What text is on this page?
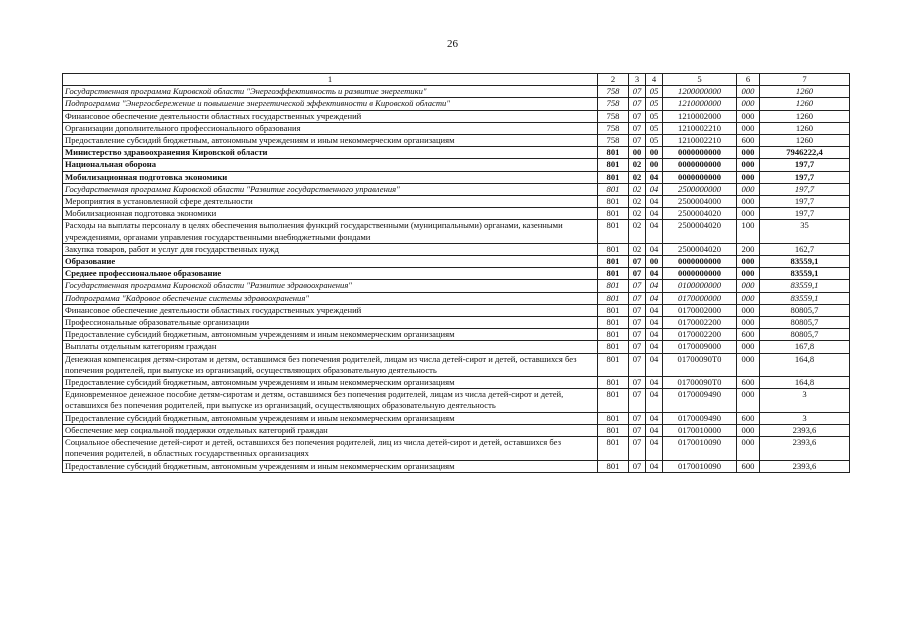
26
1	2	3	4	5	6	7
Государственная программа Кировской области "Энергоэффективность и развитие энергетики"	758	07	05	1200000000	000	1260
Подпрограмма "Энергосбережение и повышение энергетической эффективности в Кировской области"	758	07	05	1210000000	000	1260
Финансовое обеспечение деятельности областных государственных учреждений	758	07	05	1210002000	000	1260
Организации дополнительного профессионального образования	758	07	05	1210002210	000	1260
Предоставление субсидий бюджетным, автономным учреждениям и иным некоммерческим организациям	758	07	05	1210002210	600	1260
Министерство здравоохранения Кировской области	801	00	00	0000000000	000	7946222,4
Национальная оборона	801	02	00	0000000000	000	197,7
Мобилизационная подготовка экономики	801	02	04	0000000000	000	197,7
Государственная программа Кировской области "Развитие государственного управления"	801	02	04	2500000000	000	197,7
Мероприятия в установленной сфере деятельности	801	02	04	2500004000	000	197,7
Мобилизационная подготовка экономики	801	02	04	2500004020	000	197,7
Расходы на выплаты персоналу в целях обеспечения выполнения функций государственными (муниципальными) органами, казенными учреждениями, органами управления государственными внебюджетными фондами	801	02	04	2500004020	100	35
Закупка товаров, работ и услуг для государственных нужд	801	02	04	2500004020	200	162,7
Образование	801	07	00	0000000000	000	83559,1
Среднее профессиональное образование	801	07	04	0000000000	000	83559,1
Государственная программа Кировской области "Развитие здравоохранения"	801	07	04	0100000000	000	83559,1
Подпрограмма "Кадровое обеспечение системы здравоохранения"	801	07	04	0170000000	000	83559,1
Финансовое обеспечение деятельности областных государственных учреждений	801	07	04	0170002000	000	80805,7
Профессиональные образовательные организации	801	07	04	0170002200	000	80805,7
Предоставление субсидий бюджетным, автономным учреждениям и иным некоммерческим организациям	801	07	04	0170002200	600	80805,7
Выплаты отдельным категориям граждан	801	07	04	0170009000	000	167,8
Денежная компенсация детям-сиротам и детям, оставшимся без попечения родителей, лицам из числа детей-сирот и детей, оставшихся без попечения родителей, при выпуске из организаций, осуществляющих образовательную деятельность	801	07	04	01700090Т0	000	164,8
Предоставление субсидий бюджетным, автономным учреждениям и иным некоммерческим организациям	801	07	04	01700090Т0	600	164,8
Единовременное денежное пособие детям-сиротам и детям, оставшимся без попечения родителей, лицам из числа детей-сирот и детей, оставшихся без попечения родителей, при выпуске из организаций, осуществляющих образовательную деятельность	801	07	04	0170009490	000	3
Предоставление субсидий бюджетным, автономным учреждениям и иным некоммерческим организациям	801	07	04	0170009490	600	3
Обеспечение мер социальной поддержки отдельных категорий граждан	801	07	04	0170010000	000	2393,6
Социальное обеспечение детей-сирот и детей, оставшихся без попечения родителей, лиц из числа детей-сирот и детей, оставшихся без попечения родителей, в областных государственных организациях	801	07	04	0170010090	000	2393,6
Предоставление субсидий бюджетным, автономным учреждениям и иным некоммерческим организациям	801	07	04	0170010090	600	2393,6
